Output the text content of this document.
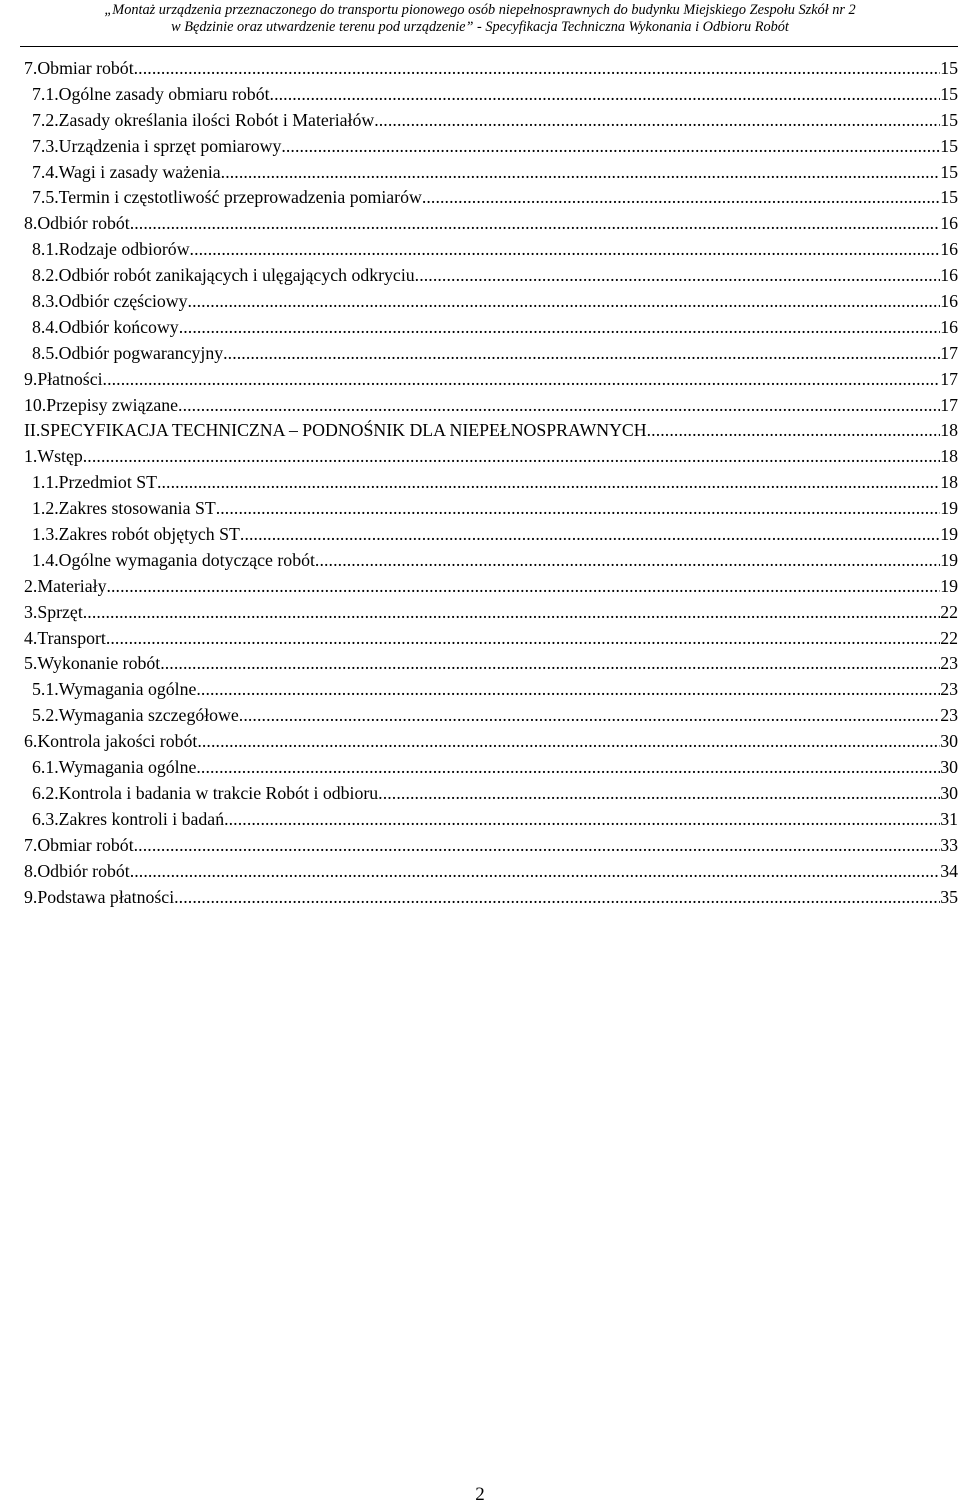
„Montaż urządzenia przeznaczonego do transportu pionowego osób niepełnosprawnych do budynku Miejskiego Zespołu Szkół nr 2
w Będzinie oraz utwardzenie terenu pod urządzenie” - Specyfikacja Techniczna Wykonania i Odbioru Robót
7.Obmiar robót .....	15
7.1.Ogólne zasady obmiaru robót .....	15
7.2.Zasady określania ilości Robót i Materiałów .....	15
7.3.Urządzenia i sprzęt pomiarowy .....	15
7.4.Wagi i zasady ważenia .....	15
7.5.Termin i częstotliwość przeprowadzenia pomiarów .....	15
8.Odbiór robót .....	16
8.1.Rodzaje odbiorów .....	16
8.2.Odbiór robót zanikających i ulęgających odkryciu .....	16
8.3.Odbiór częściowy .....	16
8.4.Odbiór końcowy .....	16
8.5.Odbiór pogwarancyjny .....	17
9.Płatności .....	17
10.Przepisy związane .....	17
II.SPECYFIKACJA TECHNICZNA – PODNOŚNIK DLA NIEPEŁNOSPRAWNYCH .....	18
1.Wstęp .....	18
1.1.Przedmiot ST .....	18
1.2.Zakres stosowania ST .....	19
1.3.Zakres robót objętych ST .....	19
1.4.Ogólne wymagania dotyczące robót .....	19
2.Materiały .....	19
3.Sprzęt .....	22
4.Transport .....	22
5.Wykonanie robót .....	23
5.1.Wymagania ogólne .....	23
5.2.Wymagania szczegółowe .....	23
6.Kontrola jakości robót .....	30
6.1.Wymagania ogólne .....	30
6.2.Kontrola i badania w trakcie Robót i odbioru .....	30
6.3.Zakres kontroli i badań .....	31
7.Obmiar robót .....	33
8.Odbiór robót .....	34
9.Podstawa płatności .....	35
2
